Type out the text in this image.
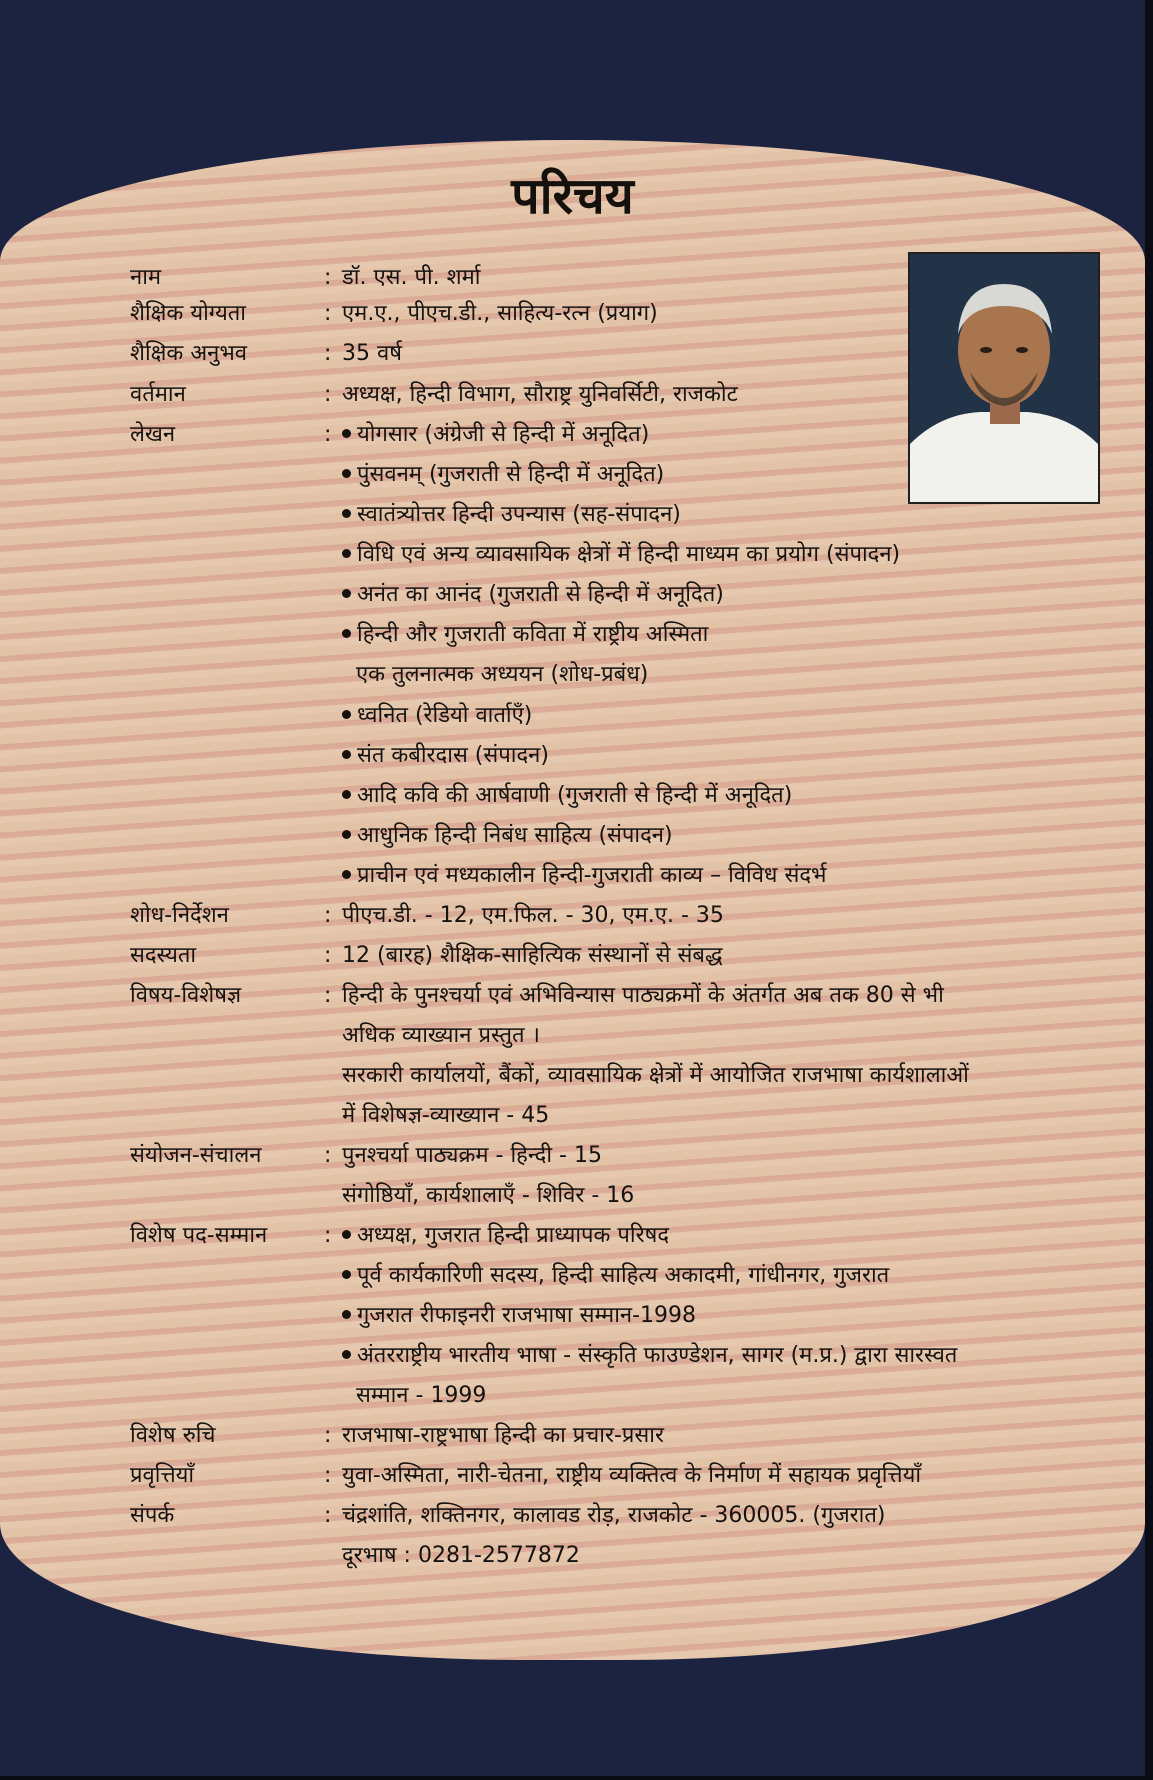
परिचय
नाम	: डॉ. एस. पी. शर्मा
शैक्षिक योग्यता	: एम.ए., पीएच.डी., साहित्य-रत्न (प्रयाग)
शैक्षिक अनुभव	: 35 वर्ष
वर्तमान	: अध्यक्ष, हिन्दी विभाग, सौराष्ट्र युनिवर्सिटी, राजकोट
लेखन	:	योगसार (अंग्रेजी से हिन्दी में अनूदित)
पुंसवनम् (गुजराती से हिन्दी में अनूदित)
स्वातंत्र्योत्तर हिन्दी उपन्यास (सह-संपादन)
विधि एवं अन्य व्यावसायिक क्षेत्रों में हिन्दी माध्यम का प्रयोग (संपादन)
अनंत का आनंद (गुजराती से हिन्दी में अनूदित)
हिन्दी और गुजराती कविता में राष्ट्रीय अस्मिता
एक तुलनात्मक अध्ययन (शोध-प्रबंध)
ध्वनित (रेडियो वार्ताएँ)
संत कबीरदास (संपादन)
आदि कवि की आर्षवाणी (गुजराती से हिन्दी में अनूदित)
आधुनिक हिन्दी निबंध साहित्य (संपादन)
प्राचीन एवं मध्यकालीन हिन्दी-गुजराती काव्य – विविध संदर्भ
शोध-निर्देशन	: पीएच.डी. - 12, एम.फिल. - 30, एम.ए. - 35
सदस्यता	: 12 (बारह) शैक्षिक-साहित्यिक संस्थानों से संबद्ध
विषय-विशेषज्ञ	: हिन्दी के पुनश्चर्या एवं अभिविन्यास पाठ्यक्रमों के अंतर्गत अब तक 80 से भी
अधिक व्याख्यान प्रस्तुत ।
सरकारी कार्यालयों, बैंकों, व्यावसायिक क्षेत्रों में आयोजित राजभाषा कार्यशालाओं
में विशेषज्ञ-व्याख्यान - 45
संयोजन-संचालन	: पुनश्चर्या पाठ्यक्रम - हिन्दी - 15
संगोष्ठियाँ, कार्यशालाएँ - शिविर - 16
विशेष पद-सम्मान	:	अध्यक्ष, गुजरात हिन्दी प्राध्यापक परिषद
पूर्व कार्यकारिणी सदस्य, हिन्दी साहित्य अकादमी, गांधीनगर, गुजरात
गुजरात रीफाइनरी राजभाषा सम्मान-1998
अंतरराष्ट्रीय भारतीय भाषा - संस्कृति फाउण्डेशन, सागर (म.प्र.) द्वारा सारस्वत
सम्मान - 1999
विशेष रुचि	: राजभाषा-राष्ट्रभाषा हिन्दी का प्रचार-प्रसार
प्रवृत्तियाँ	: युवा-अस्मिता, नारी-चेतना, राष्ट्रीय व्यक्तित्व के निर्माण में सहायक प्रवृत्तियाँ
संपर्क	: चंद्रशांति, शक्तिनगर, कालावड रोड़, राजकोट - 360005. (गुजरात)
दूरभाष : 0281-2577872
